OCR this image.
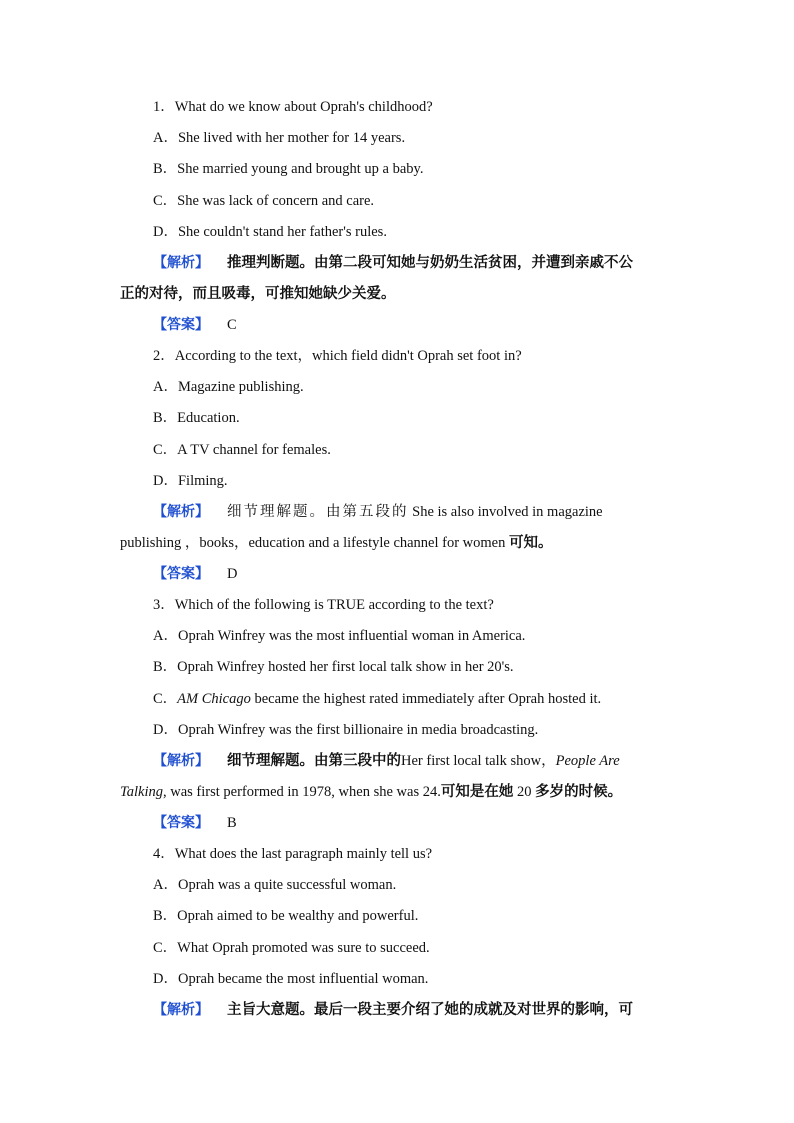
1．What do we know about Oprah's childhood?
A．She lived with her mother for 14 years.
B．She married young and brought up a baby.
C．She was lack of concern and care.
D．She couldn't stand her father's rules.
【解析】 推理判断题。由第二段可知她与奶奶生活贫困，并遭到亲戚不公
正的对待，而且吸毒，可推知她缺少关爱。
【答案】 C
2．According to the text，which field didn't Oprah set foot in?
A．Magazine publishing.
B．Education.
C．A TV channel for females.
D．Filming.
【解析】 细节理解题。由第五段的 She is also involved in magazine
publishing ，books，education and a lifestyle channel for women 可知。
【答案】 D
3．Which of the following is TRUE according to the text?
A．Oprah Winfrey was the most influential woman in America.
B．Oprah Winfrey hosted her first local talk show in her 20's.
C．AM Chicago became the highest rated immediately after Oprah hosted it.
D．Oprah Winfrey was the first billionaire in media broadcasting.
【解析】 细节理解题。由第三段中的Her first local talk show，People Are
Talking, was first performed in 1978, when she was 24.可知是在她 20 多岁的时候。
【答案】 B
4．What does the last paragraph mainly tell us?
A．Oprah was a quite successful woman.
B．Oprah aimed to be wealthy and powerful.
C．What Oprah promoted was sure to succeed.
D．Oprah became the most influential woman.
【解析】 主旨大意题。最后一段主要介绍了她的成就及对世界的影响，可
